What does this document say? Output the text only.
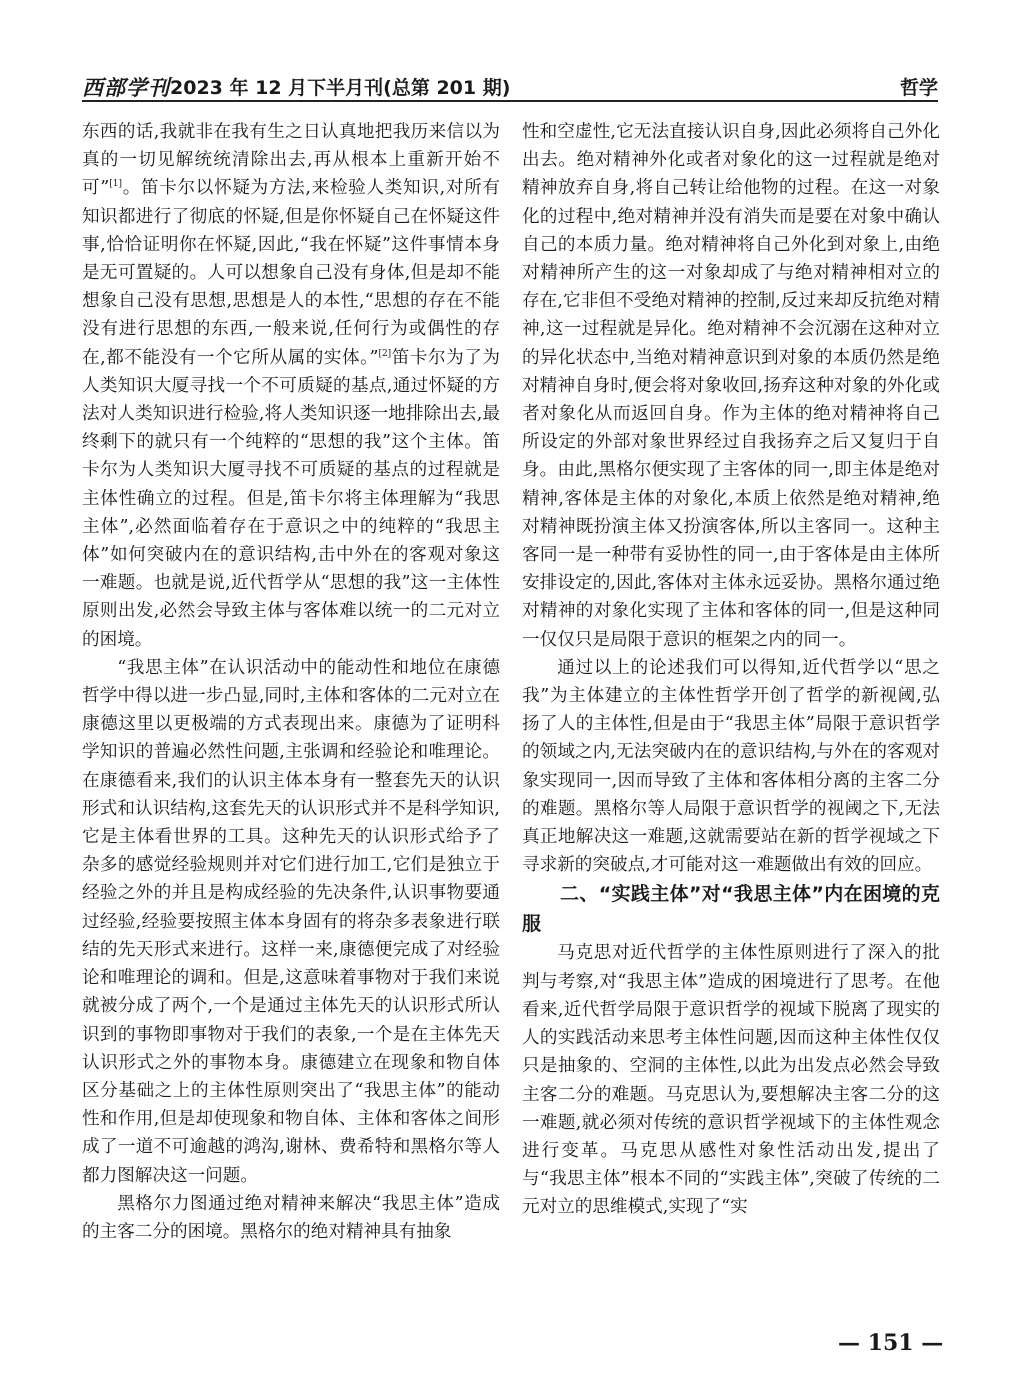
西部学刊 2023 年 12 月下半月刊(总第 201 期)	哲学

东西的话,我就非在我有生之日认真地把我历来信以为真的一切见解统统清除出去,再从根本上重新开始不可”[1]。笛卡尔以怀疑为方法,来检验人类知识,对所有知识都进行了彻底的怀疑,但是你怀疑自己在怀疑这件事,恰恰证明你在怀疑,因此,“我在怀疑”这件事情本身是无可置疑的。人可以想象自己没有身体,但是却不能想象自己没有思想,思想是人的本性,“思想的存在不能没有进行思想的东西,一般来说,任何行为或偶性的存在,都不能没有一个它所从属的实体。”[2]笛卡尔为了为人类知识大厦寻找一个不可质疑的基点,通过怀疑的方法对人类知识进行检验,将人类知识逐一地排除出去,最终剩下的就只有一个纯粹的“思想的我”这个主体。笛卡尔为人类知识大厦寻找不可质疑的基点的过程就是主体性确立的过程。但是,笛卡尔将主体理解为“我思主体”,必然面临着存在于意识之中的纯粹的“我思主体”如何突破内在的意识结构,击中外在的客观对象这一难题。也就是说,近代哲学从“思想的我”这一主体性原则出发,必然会导致主体与客体难以统一的二元对立的困境。

“我思主体”在认识活动中的能动性和地位在康德哲学中得以进一步凸显,同时,主体和客体的二元对立在康德这里以更极端的方式表现出来。康德为了证明科学知识的普遍必然性问题,主张调和经验论和唯理论。在康德看来,我们的认识主体本身有一整套先天的认识形式和认识结构,这套先天的认识形式并不是科学知识,它是主体看世界的工具。这种先天的认识形式给予了杂多的感觉经验规则并对它们进行加工,它们是独立于经验之外的并且是构成经验的先决条件,认识事物要通过经验,经验要按照主体本身固有的将杂多表象进行联结的先天形式来进行。这样一来,康德便完成了对经验论和唯理论的调和。但是,这意味着事物对于我们来说就被分成了两个,一个是通过主体先天的认识形式所认识到的事物即事物对于我们的表象,一个是在主体先天认识形式之外的事物本身。康德建立在现象和物自体区分基础之上的主体性原则突出了“我思主体”的能动性和作用,但是却使现象和物自体、主体和客体之间形成了一道不可逾越的鸿沟,谢林、费希特和黑格尔等人都力图解决这一问题。

黑格尔力图通过绝对精神来解决“我思主体”造成的主客二分的困境。黑格尔的绝对精神具有抽象

性和空虚性,它无法直接认识自身,因此必须将自己外化出去。绝对精神外化或者对象化的这一过程就是绝对精神放弃自身,将自己转让给他物的过程。在这一对象化的过程中,绝对精神并没有消失而是要在对象中确认自己的本质力量。绝对精神将自己外化到对象上,由绝对精神所产生的这一对象却成了与绝对精神相对立的存在,它非但不受绝对精神的控制,反过来却反抗绝对精神,这一过程就是异化。绝对精神不会沉溺在这种对立的异化状态中,当绝对精神意识到对象的本质仍然是绝对精神自身时,便会将对象收回,扬弃这种对象的外化或者对象化从而返回自身。作为主体的绝对精神将自己所设定的外部对象世界经过自我扬弃之后又复归于自身。由此,黑格尔便实现了主客体的同一,即主体是绝对精神,客体是主体的对象化,本质上依然是绝对精神,绝对精神既扮演主体又扮演客体,所以主客同一。这种主客同一是一种带有妥协性的同一,由于客体是由主体所安排设定的,因此,客体对主体永远妥协。黑格尔通过绝对精神的对象化实现了主体和客体的同一,但是这种同一仅仅只是局限于意识的框架之内的同一。

通过以上的论述我们可以得知,近代哲学以“思之我”为主体建立的主体性哲学开创了哲学的新视阈,弘扬了人的主体性,但是由于“我思主体”局限于意识哲学的领域之内,无法突破内在的意识结构,与外在的客观对象实现同一,因而导致了主体和客体相分离的主客二分的难题。黑格尔等人局限于意识哲学的视阈之下,无法真正地解决这一难题,这就需要站在新的哲学视域之下寻求新的突破点,才可能对这一难题做出有效的回应。

二、“实践主体”对“我思主体”内在困境的克服

马克思对近代哲学的主体性原则进行了深入的批判与考察,对“我思主体”造成的困境进行了思考。在他看来,近代哲学局限于意识哲学的视域下脱离了现实的人的实践活动来思考主体性问题,因而这种主体性仅仅只是抽象的、空洞的主体性,以此为出发点必然会导致主客二分的难题。马克思认为,要想解决主客二分的这一难题,就必须对传统的意识哲学视域下的主体性观念进行变革。马克思从感性对象性活动出发,提出了与“我思主体”根本不同的“实践主体”,突破了传统的二元对立的思维模式,实现了“实

— 151 —
